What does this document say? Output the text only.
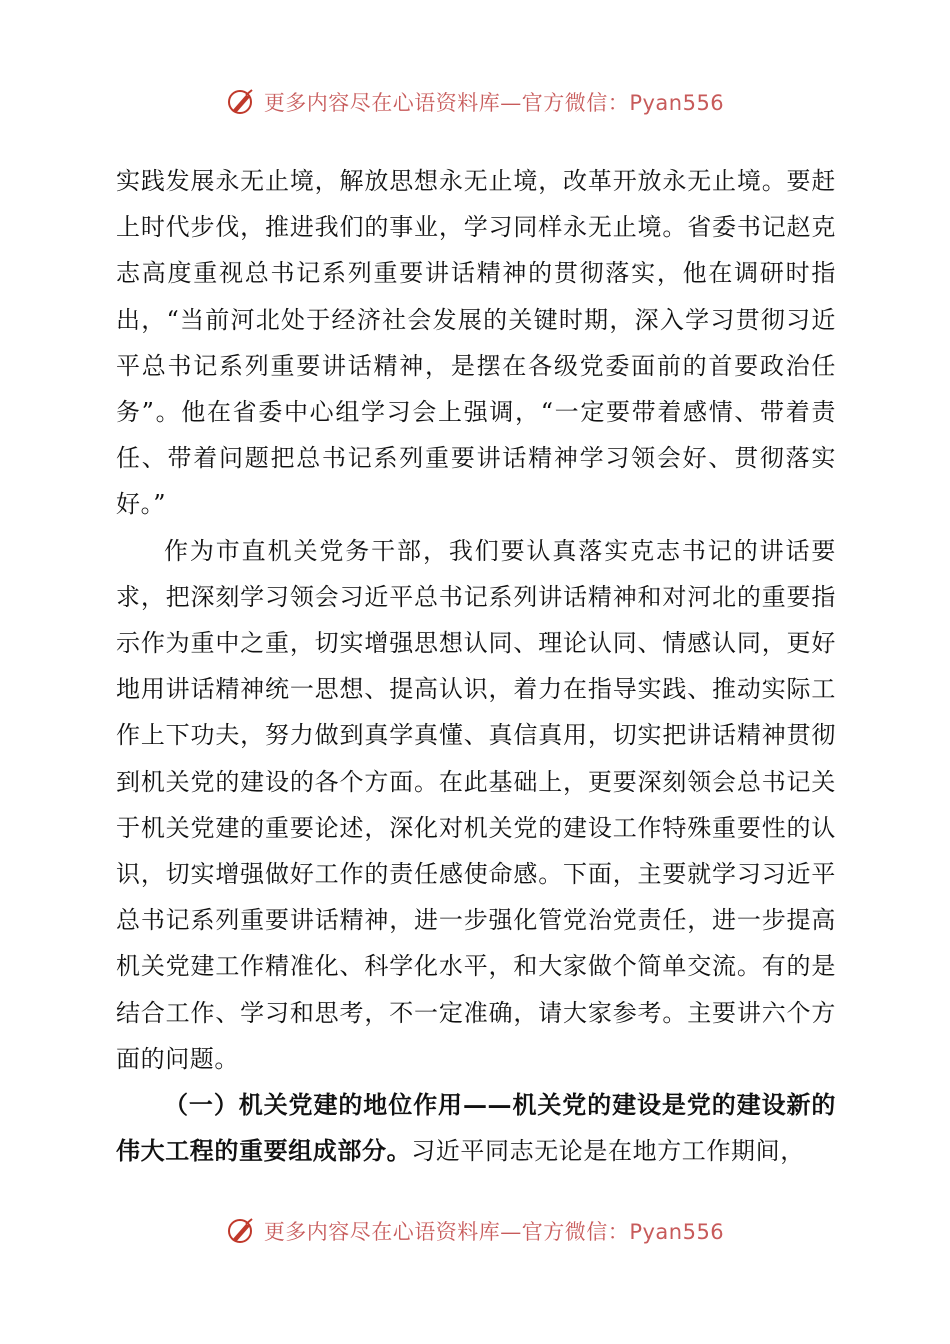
更多内容尽在心语资料库—官方微信：Pyan556

实践发展永无止境，解放思想永无止境，改革开放永无止境。要赶上时代步伐，推进我们的事业，学习同样永无止境。省委书记赵克志高度重视总书记系列重要讲话精神的贯彻落实，他在调研时指出，“当前河北处于经济社会发展的关键时期，深入学习贯彻习近平总书记系列重要讲话精神，是摆在各级党委面前的首要政治任务”。他在省委中心组学习会上强调，“一定要带着感情、带着责任、带着问题把总书记系列重要讲话精神学习领会好、贯彻落实好。”

作为市直机关党务干部，我们要认真落实克志书记的讲话要求，把深刻学习领会习近平总书记系列讲话精神和对河北的重要指示作为重中之重，切实增强思想认同、理论认同、情感认同，更好地用讲话精神统一思想、提高认识，着力在指导实践、推动实际工作上下功夫，努力做到真学真懂、真信真用，切实把讲话精神贯彻到机关党的建设的各个方面。在此基础上，更要深刻领会总书记关于机关党建的重要论述，深化对机关党的建设工作特殊重要性的认识，切实增强做好工作的责任感使命感。下面，主要就学习习近平总书记系列重要讲话精神，进一步强化管党治党责任，进一步提高机关党建工作精准化、科学化水平，和大家做个简单交流。有的是结合工作、学习和思考，不一定准确，请大家参考。主要讲六个方面的问题。

（一）机关党建的地位作用——机关党的建设是党的建设新的伟大工程的重要组成部分。习近平同志无论是在地方工作期间，

更多内容尽在心语资料库—官方微信：Pyan556
